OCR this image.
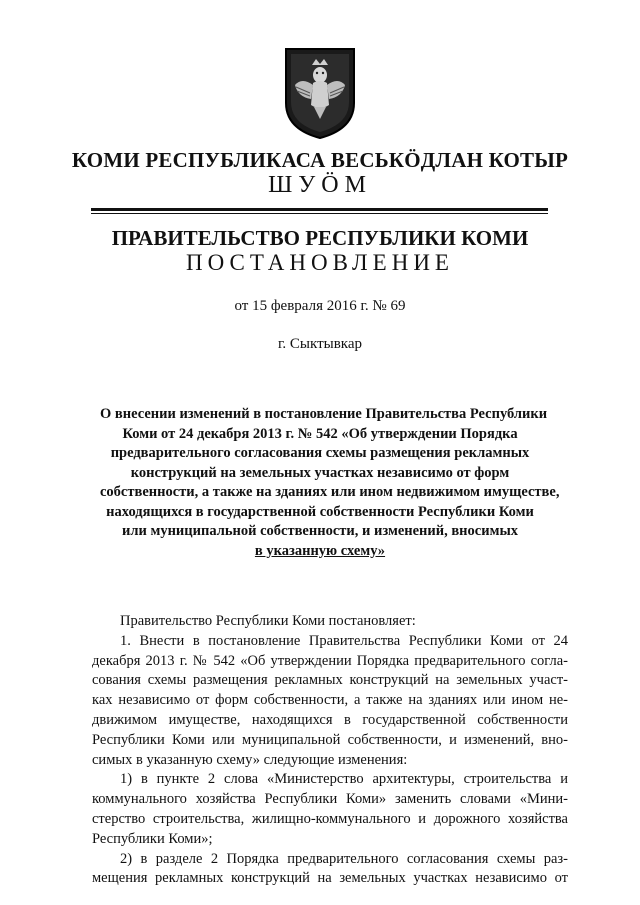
КОМИ РЕСПУБЛИКАСА ВЕСЬКӦДЛАН КОТЫР
ШУӦМ
ПРАВИТЕЛЬСТВО РЕСПУБЛИКИ КОМИ
ПОСТАНОВЛЕНИЕ
от 15 февраля 2016 г. № 69
г. Сыктывкар
О внесении изменений в постановление Правительства Республики
Коми от 24 декабря 2013 г. № 542 «Об утверждении Порядка
предварительного согласования схемы размещения рекламных
конструкций на земельных участках независимо от форм
собственности, а также на зданиях или ином недвижимом имуществе,
находящихся в государственной собственности Республики Коми
или муниципальной собственности, и изменений, вносимых
в указанную схему»
Правительство Республики Коми постановляет:
1. Внести в постановление Правительства Республики Коми от 24
декабря 2013 г. № 542 «Об утверждении Порядка предварительного согла-
сования схемы размещения рекламных конструкций на земельных участ-
ках независимо от форм собственности, а также на зданиях или ином не-
движимом имуществе, находящихся в государственной собственности
Республики Коми или муниципальной собственности, и изменений, вно-
симых в указанную схему» следующие изменения:
1) в пункте 2 слова «Министерство архитектуры, строительства и
коммунального хозяйства Республики Коми» заменить словами «Мини-
стерство строительства, жилищно-коммунального и дорожного хозяйства
Республики Коми»;
2) в разделе 2 Порядка предварительного согласования схемы раз-
мещения рекламных конструкций на земельных участках независимо от
